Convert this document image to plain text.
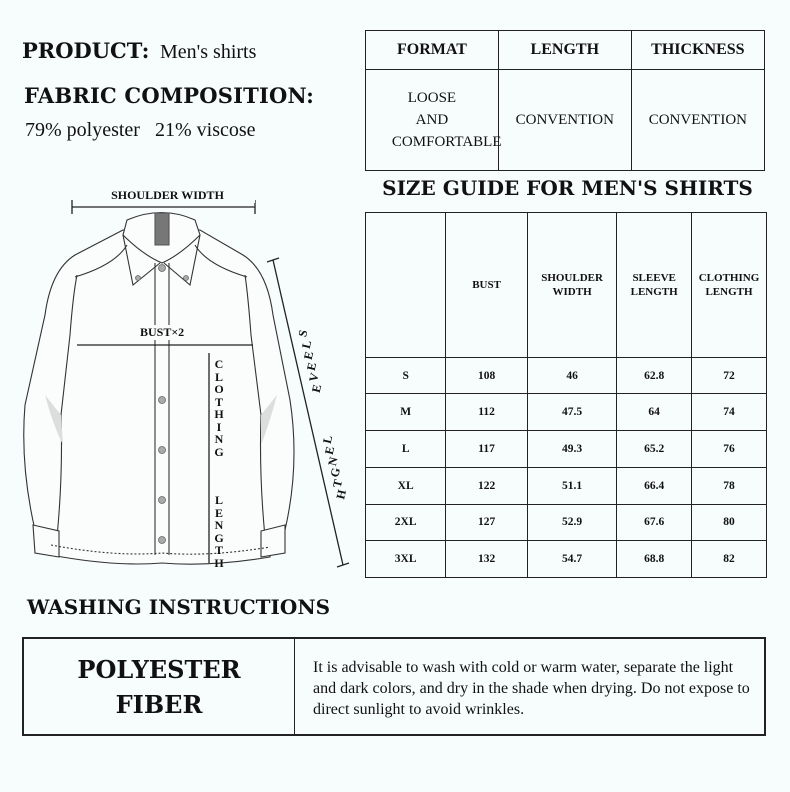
PRODUCT: Men's shirts
FABRIC COMPOSITION:
79% polyester   21% viscose
FORMAT	LENGTH	THICKNESS

LOOSE AND COMFORTABLE	CONVENTION	CONVENTION
SIZE GUIDE FOR MEN'S SHIRTS
	BUST	SHOULDER WIDTH	SLEEVE LENGTH	CLOTHING LENGTH

S	108	46	62.8	72
M	112	47.5	64	74
L	117	49.3	65.2	76
XL	122	51.1	66.4	78
2XL	127	52.9	67.6	80
3XL	132	54.7	68.8	82
SHOULDER WIDTH
BUST×2
C
L
O
T
H
I
N
G

L
E
N
G
T
H
S
L
E
E
V
E
L
E
N
G
T
H
WASHING INSTRUCTIONS
POLYESTER FIBER
It is advisable to wash with cold or warm water, separate the light and dark colors, and dry in the shade when drying. Do not expose to direct sunlight to avoid wrinkles.
